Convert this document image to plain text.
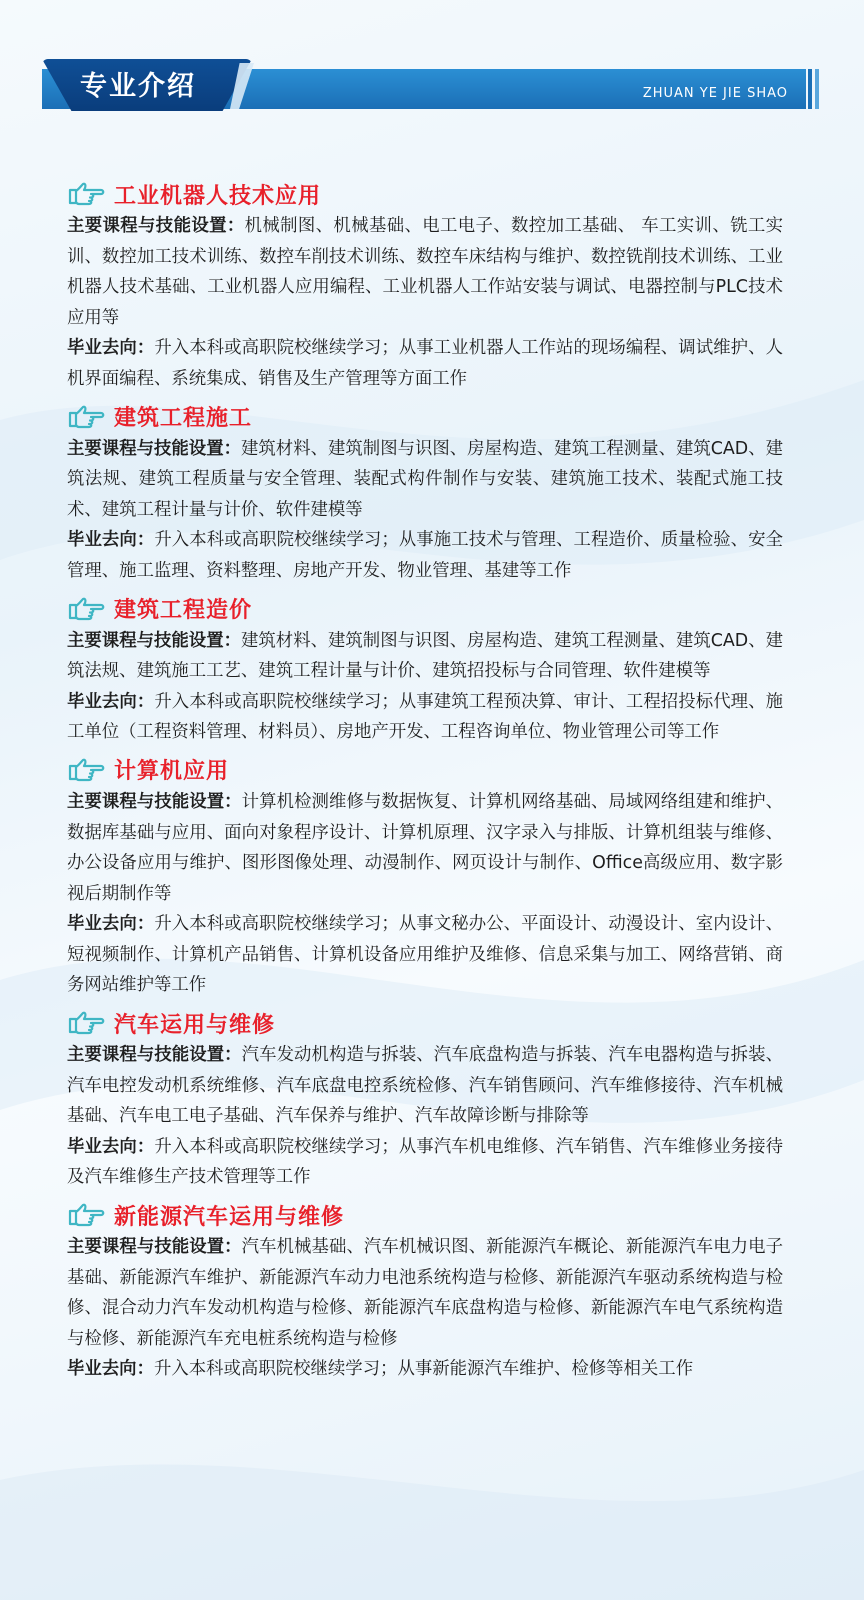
专业介绍	ZHUAN YE JIE SHAO
工业机器人技术应用

主要课程与技能设置：机械制图、机械基础、电工电子、数控加工基础、 车工实训、铣工实训、数控加工技术训练、数控车削技术训练、数控车床结构与维护、数控铣削技术训练、工业机器人技术基础、工业机器人应用编程、工业机器人工作站安装与调试、电器控制与PLC技术应用等

毕业去向：升入本科或高职院校继续学习；从事工业机器人工作站的现场编程、调试维护、人机界面编程、系统集成、销售及生产管理等方面工作

建筑工程施工

主要课程与技能设置：建筑材料、建筑制图与识图、房屋构造、建筑工程测量、建筑CAD、建筑法规、建筑工程质量与安全管理、装配式构件制作与安装、建筑施工技术、装配式施工技术、建筑工程计量与计价、软件建模等

毕业去向：升入本科或高职院校继续学习；从事施工技术与管理、工程造价、质量检验、安全管理、施工监理、资料整理、房地产开发、物业管理、基建等工作

建筑工程造价

主要课程与技能设置：建筑材料、建筑制图与识图、房屋构造、建筑工程测量、建筑CAD、建筑法规、建筑施工工艺、建筑工程计量与计价、建筑招投标与合同管理、软件建模等

毕业去向：升入本科或高职院校继续学习；从事建筑工程预决算、审计、工程招投标代理、施工单位（工程资料管理、材料员）、房地产开发、工程咨询单位、物业管理公司等工作

计算机应用

主要课程与技能设置：计算机检测维修与数据恢复、计算机网络基础、局域网络组建和维护、数据库基础与应用、面向对象程序设计、计算机原理、汉字录入与排版、计算机组装与维修、办公设备应用与维护、图形图像处理、动漫制作、网页设计与制作、Office高级应用、数字影视后期制作等

毕业去向：升入本科或高职院校继续学习；从事文秘办公、平面设计、动漫设计、室内设计、短视频制作、计算机产品销售、计算机设备应用维护及维修、信息采集与加工、网络营销、商务网站维护等工作

汽车运用与维修

主要课程与技能设置：汽车发动机构造与拆装、汽车底盘构造与拆装、汽车电器构造与拆装、汽车电控发动机系统维修、汽车底盘电控系统检修、汽车销售顾问、汽车维修接待、汽车机械基础、汽车电工电子基础、汽车保养与维护、汽车故障诊断与排除等

毕业去向：升入本科或高职院校继续学习；从事汽车机电维修、汽车销售、汽车维修业务接待及汽车维修生产技术管理等工作

新能源汽车运用与维修

主要课程与技能设置：汽车机械基础、汽车机械识图、新能源汽车概论、新能源汽车电力电子基础、新能源汽车维护、新能源汽车动力电池系统构造与检修、新能源汽车驱动系统构造与检修、混合动力汽车发动机构造与检修、新能源汽车底盘构造与检修、新能源汽车电气系统构造与检修、新能源汽车充电桩系统构造与检修

毕业去向：升入本科或高职院校继续学习；从事新能源汽车维护、检修等相关工作
